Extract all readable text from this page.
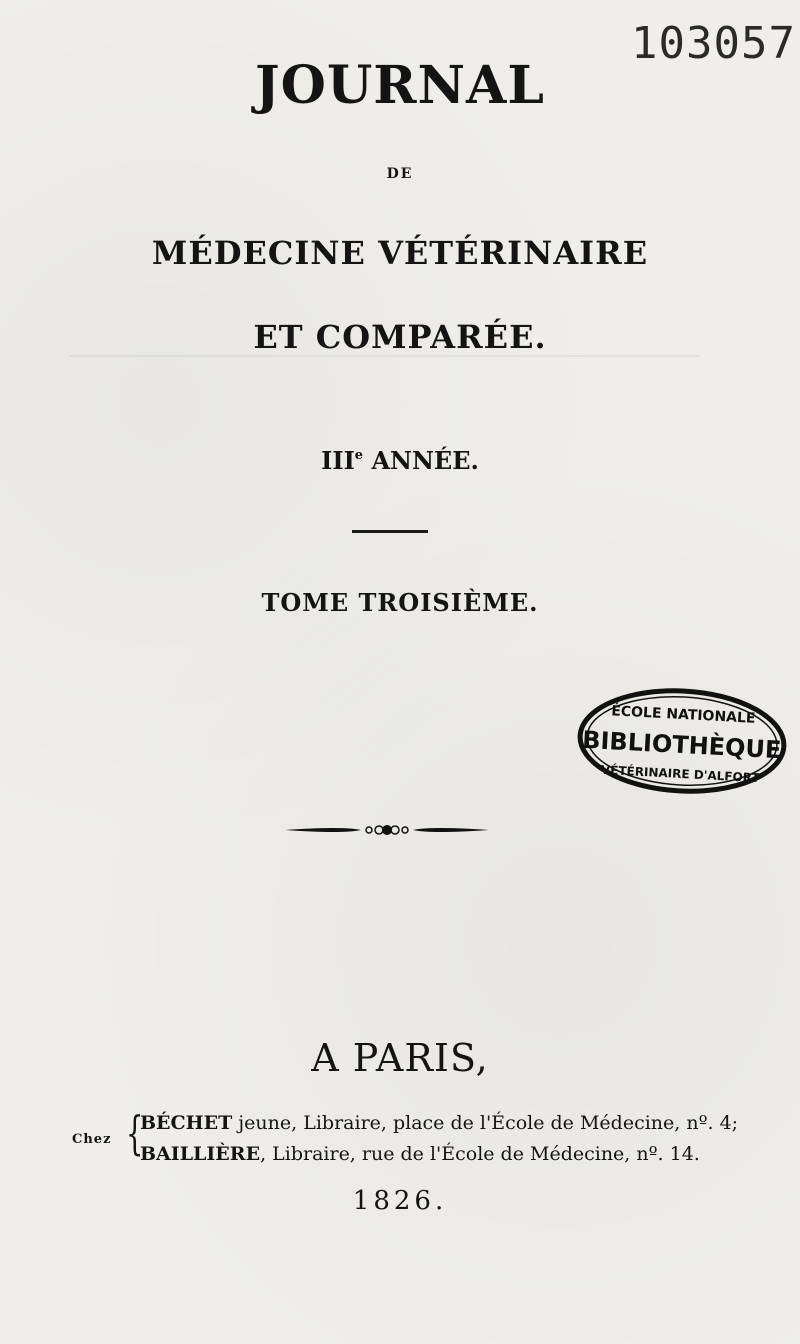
103057
JOURNAL
DE
MÉDECINE VÉTÉRINAIRE
ET COMPARÉE.
IIIe ANNÉE.
TOME TROISIÈME.
ÉCOLE NATIONALE
BIBLIOTHÈQUE
VÉTÉRINAIRE D'ALFORT
A PARIS,
Chez {
BÉCHET jeune, Libraire, place de l'École de Médecine, nº. 4;
BAILLIÈRE, Libraire, rue de l'École de Médecine, nº. 14.
1826.
